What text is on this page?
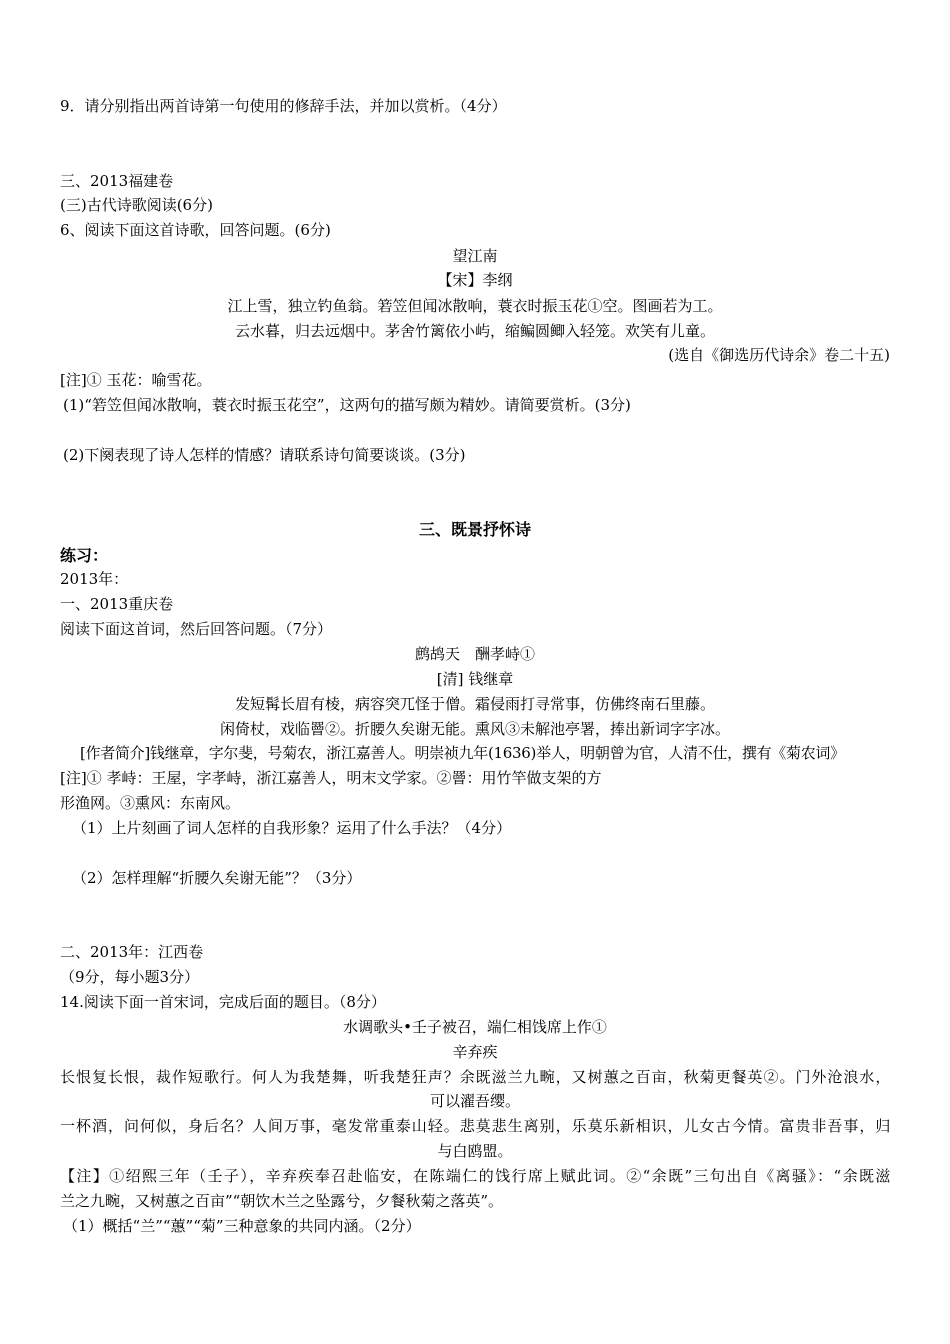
9．请分别指出两首诗第一句使用的修辞手法，并加以赏析。（4分）
三、2013福建卷
(三)古代诗歌阅读(6分)
6、阅读下面这首诗歌，回答问题。(6分)
望江南
【宋】李纲
江上雪，独立钓鱼翁。箬笠但闻冰散响，蓑衣时振玉花①空。图画若为工。
云水暮，归去远烟中。茅舍竹篱依小屿，缩鳊圆鲫入轻笼。欢笑有儿童。
(选自《御选历代诗余》卷二十五)
[注]① 玉花：喻雪花。
(1)“箬笠但闻冰散响，蓑衣时振玉花空”，这两句的描写颇为精妙。请简要赏析。(3分)
(2)下阕表现了诗人怎样的情感？请联系诗句简要谈谈。(3分)
三、既景抒怀诗
练习：
2013年：
一、2013重庆卷
阅读下面这首词，然后回答问题。（7分）
鹧鸪天　酬孝峙①
[清] 钱继章
发短髯长眉有棱，病容突兀怪于僧。霜侵雨打寻常事，仿佛终南石里藤。
闲倚杖，戏临罾②。折腰久矣谢无能。熏风③未解池亭署，捧出新词字字冰。
[作者简介]钱继章，字尔斐，号菊农，浙江嘉善人。明崇祯九年(1636)举人，明朝曾为官，人清不仕，撰有《菊农词》
[注]① 孝峙：王屋，字孝峙，浙江嘉善人，明末文学家。②罾：用竹竿做支架的方
形渔网。③熏风：东南风。
（1）上片刻画了词人怎样的自我形象？运用了什么手法？（4分）
（2）怎样理解“折腰久矣谢无能”？（3分）
二、2013年：江西卷
（9分，每小题3分）
14.阅读下面一首宋词，完成后面的题目。（8分）
水调歌头•壬子被召，端仁相饯席上作①
辛弃疾
长恨复长恨，裁作短歌行。何人为我楚舞，听我楚狂声？余既滋兰九畹，又树蕙之百亩，秋菊更餐英②。门外沧浪水，
可以濯吾缨。
一杯酒，问何似，身后名？人间万事，毫发常重泰山轻。悲莫悲生离别，乐莫乐新相识，儿女古今情。富贵非吾事，归
与白鸥盟。
【注】①绍熙三年（壬子），辛弃疾奉召赴临安，在陈端仁的饯行席上赋此词。②“余既”三句出自《离骚》：“余既滋
兰之九畹，又树蕙之百亩”“朝饮木兰之坠露兮，夕餐秋菊之落英”。
（1）概括“兰”“蕙”“菊”三种意象的共同内涵。（2分）
